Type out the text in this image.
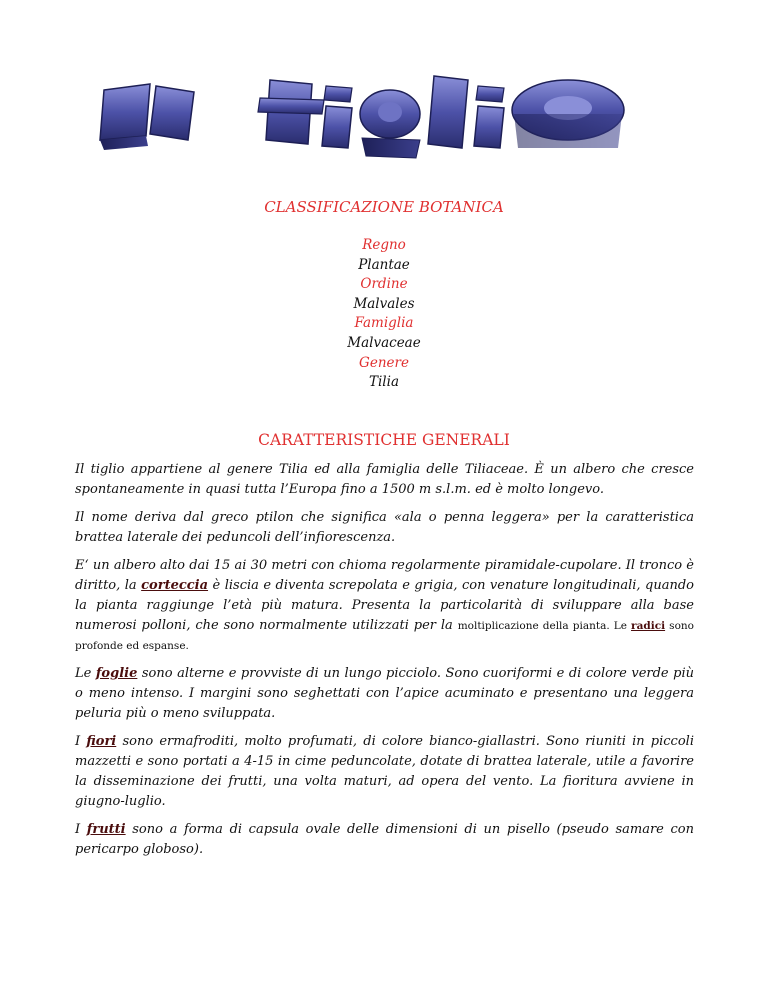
CLASSIFICAZIONE BOTANICA
Regno
Plantae
Ordine
Malvales
Famiglia
Malvaceae
Genere
Tilia
CARATTERISTICHE GENERALI

Il tiglio appartiene al genere Tilia ed alla famiglia delle Tiliaceae. È un albero che cresce spontaneamente in quasi tutta l’Europa fino a 1500 m s.l.m. ed è molto longevo.

Il nome deriva dal greco ptilon che significa «ala o penna leggera» per la caratteristica brattea laterale dei peduncoli dell’infiorescenza.

E‘ un albero alto dai 15 ai 30 metri con chioma regolarmente piramidale-cupolare. Il tronco è diritto, la corteccia è liscia e diventa screpolata e grigia, con venature longitudinali, quando la pianta raggiunge l’età più matura. Presenta la particolarità di sviluppare alla base numerosi polloni, che sono normalmente utilizzati per la moltiplicazione della pianta. Le radici sono profonde ed espanse.

Le foglie sono alterne e provviste di un lungo picciolo. Sono cuoriformi e di colore verde più o meno intenso. I margini sono seghettati con l’apice acuminato e presentano una leggera peluria più o meno sviluppata.

I fiori sono ermafroditi, molto profumati, di colore bianco-giallastri. Sono riuniti in piccoli mazzetti e sono portati a 4-15 in cime peduncolate, dotate di brattea laterale, utile a favorire la disseminazione dei frutti, una volta maturi, ad opera del vento. La fioritura avviene in giugno-luglio.

I frutti sono a forma di capsula ovale delle dimensioni di un pisello (pseudo samare con pericarpo globoso).
